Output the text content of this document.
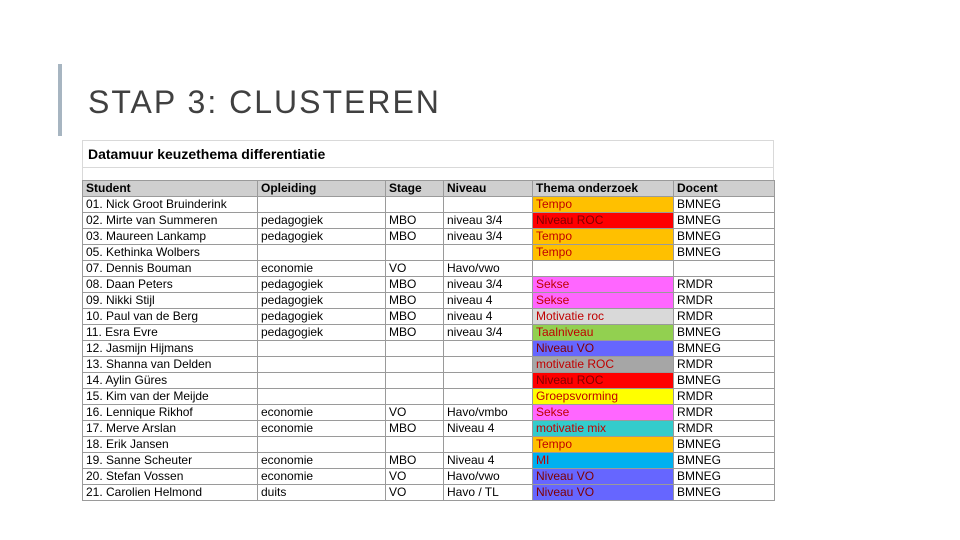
STAP 3: CLUSTEREN
Datamuur keuzethema differentiatie
Student	Opleiding	Stage	Niveau	Thema onderzoek	Docent
01. Nick Groot Bruinderink				Tempo	BMNEG
02. Mirte van Summeren	pedagogiek	MBO	niveau 3/4	Niveau ROC	BMNEG
03. Maureen Lankamp	pedagogiek	MBO	niveau 3/4	Tempo	BMNEG
05. Kethinka Wolbers				Tempo	BMNEG
07. Dennis Bouman	economie	VO	Havo/vwo		
08. Daan Peters	pedagogiek	MBO	niveau 3/4	Sekse	RMDR
09. Nikki Stijl	pedagogiek	MBO	niveau 4	Sekse	RMDR
10. Paul van de Berg	pedagogiek	MBO	niveau 4	Motivatie roc	RMDR
11. Esra Evre	pedagogiek	MBO	niveau 3/4	Taalniveau	BMNEG
12. Jasmijn Hijmans				Niveau VO	BMNEG
13. Shanna van Delden				motivatie ROC	RMDR
14. Aylin Güres				Niveau ROC	BMNEG
15. Kim van der Meijde				Groepsvorming	RMDR
16. Lennique Rikhof	economie	VO	Havo/vmbo	Sekse	RMDR
17. Merve Arslan	economie	MBO	Niveau 4	motivatie mix	RMDR
18. Erik Jansen				Tempo	BMNEG
19. Sanne Scheuter	economie	MBO	Niveau 4	MI	BMNEG
20. Stefan Vossen	economie	VO	Havo/vwo	Niveau VO	BMNEG
21. Carolien Helmond	duits	VO	Havo / TL	Niveau VO	BMNEG
